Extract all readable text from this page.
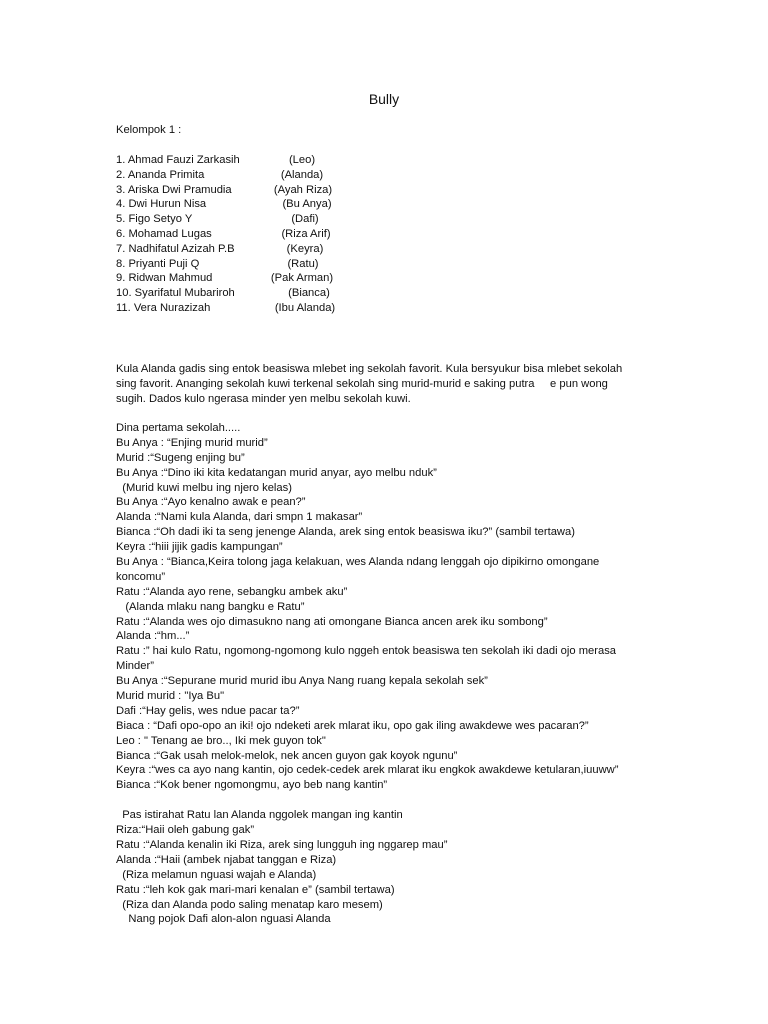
Bully
Kelompok 1 :
1. Ahmad Fauzi Zarkasih	(Leo)
2. Ananda Primita	(Alanda)
3. Ariska Dwi Pramudia	(Ayah Riza)
4. Dwi Hurun Nisa	(Bu Anya)
5. Figo Setyo Y	(Dafi)
6. Mohamad Lugas	(Riza Arif)
7. Nadhifatul Azizah P.B	(Keyra)
8. Priyanti Puji Q	(Ratu)
9. Ridwan Mahmud	(Pak Arman)
10. Syarifatul Mubariroh	(Bianca)
11. Vera Nurazizah	(Ibu Alanda)
Kula Alanda gadis sing entok beasiswa mlebet ing sekolah favorit. Kula bersyukur bisa mlebet sekolah
sing favorit. Ananging sekolah kuwi terkenal sekolah sing murid-murid e saking putra     e pun wong
sugih. Dados kulo ngerasa minder yen melbu sekolah kuwi.
Dina pertama sekolah.....
Bu Anya : “Enjing murid murid”
Murid :“Sugeng enjing bu”
Bu Anya :“Dino iki kita kedatangan murid anyar, ayo melbu nduk”
(Murid kuwi melbu ing njero kelas)
Bu Anya :“Ayo kenalno awak e pean?”
Alanda :“Nami kula Alanda, dari smpn 1 makasar”
Bianca :“Oh dadi iki ta seng jenenge Alanda, arek sing entok beasiswa iku?” (sambil tertawa)
Keyra :“hiii jijik gadis kampungan”
Bu Anya : “Bianca,Keira tolong jaga kelakuan, wes Alanda ndang lenggah ojo dipikirno omongane
koncomu”
Ratu :“Alanda ayo rene, sebangku ambek aku”
(Alanda mlaku nang bangku e Ratu”
Ratu :“Alanda wes ojo dimasukno nang ati omongane Bianca ancen arek iku sombong”
Alanda :“hm...”
Ratu :” hai kulo Ratu, ngomong-ngomong kulo nggeh entok beasiswa ten sekolah iki dadi ojo merasa
Minder”
Bu Anya :“Sepurane murid murid ibu Anya Nang ruang kepala sekolah sek”
Murid murid : "Iya Bu"
Dafi :“Hay gelis, wes ndue pacar ta?”
Biaca : “Dafi opo-opo an iki! ojo ndeketi arek mlarat iku, opo gak iling awakdewe wes pacaran?”
Leo : " Tenang ae bro.., Iki mek guyon tok"
Bianca :“Gak usah melok-melok, nek ancen guyon gak koyok ngunu”
Keyra :“wes ca ayo nang kantin, ojo cedek-cedek arek mlarat iku engkok awakdewe ketularan,iuuww”
Bianca :“Kok bener ngomongmu, ayo beb nang kantin”
Pas istirahat Ratu lan Alanda nggolek mangan ing kantin
Riza:“Haii oleh gabung gak”
Ratu :“Alanda kenalin iki Riza, arek sing lungguh ing nggarep mau”
Alanda :“Haii (ambek njabat tanggan e Riza)
(Riza melamun nguasi wajah e Alanda)
Ratu :“leh kok gak mari-mari kenalan e” (sambil tertawa)
(Riza dan Alanda podo saling menatap karo mesem)
Nang pojok Dafi alon-alon nguasi Alanda
